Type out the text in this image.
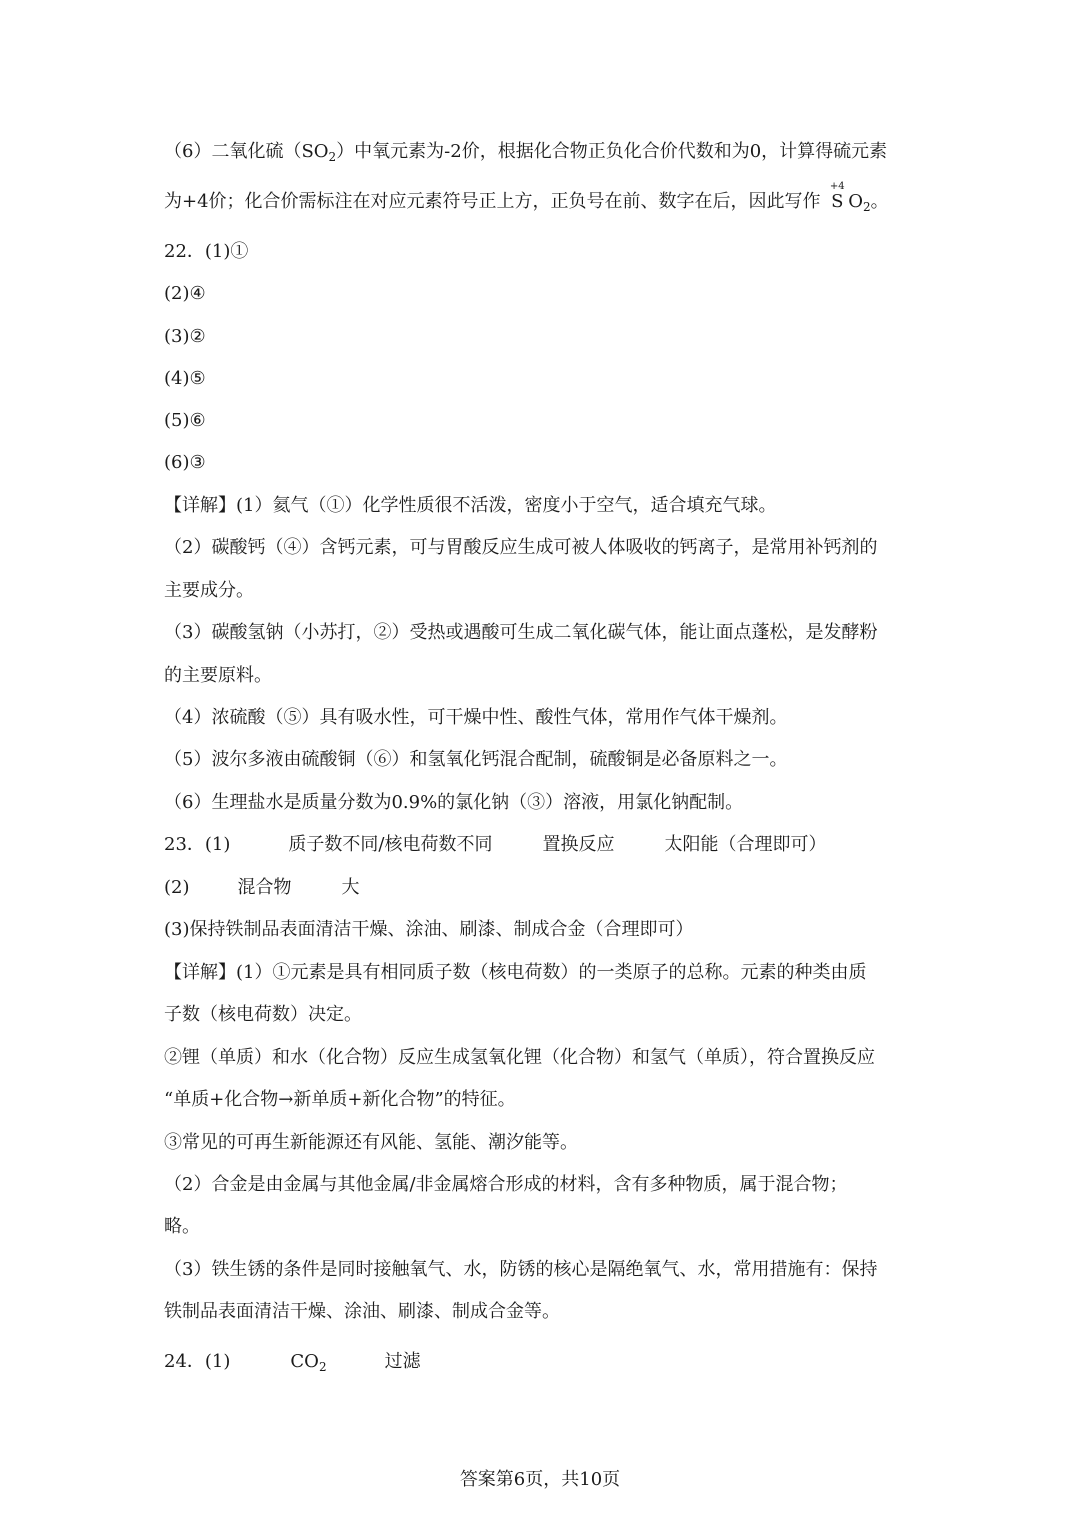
（6）二氧化硫$(SO_2)$中氧元素为-2价，根据化合物正负化合价代数和为0，计算得硫元素
为+4价；化合价需标注在对应元素符号正上方，正负号在前、数字在后，因此写作
+4
S $O_2$。
22．(1)①
(2)④
(3)②
(4)⑤
(5)⑥
(6)③
【详解】(1）氦气（①）化学性质很不活泼，密度小于空气，适合填充气球。
（2）碳酸钙（④）含钙元素，可与胃酸反应生成可被人体吸收的钙离子，是常用补钙剂的
主要成分。
（3）碳酸氢钠（小苏打，②）受热或遇酸可生成二氧化碳气体，能让面点蓬松，是发酵粉
的主要原料。
（4）浓硫酸（⑤）具有吸水性，可干燥中性、酸性气体，常用作气体干燥剂。
（5）波尔多液由硫酸铜（⑥）和氢氧化钙混合配制，硫酸铜是必备原料之一。
（6）生理盐水是质量分数为0.9%的氯化钠（③）溶液，用氯化钠配制。
23．(1)	质子数不同/核电荷数不同	置换反应	太阳能（合理即可）
(2)	混合物	大
(3)保持铁制品表面清洁干燥、涂油、刷漆、制成合金（合理即可）
【详解】(1）①元素是具有相同质子数（核电荷数）的一类原子的总称。元素的种类由质
子数（核电荷数）决定。
②锂（单质）和水（化合物）反应生成氢氧化锂（化合物）和氢气（单质），符合置换反应
“单质+化合物→新单质+新化合物”的特征。
③常见的可再生新能源还有风能、氢能、潮汐能等。
（2）合金是由金属与其他金属/非金属熔合形成的材料，含有多种物质，属于混合物；
略。
（3）铁生锈的条件是同时接触氧气、水，防锈的核心是隔绝氧气、水，常用措施有：保持
铁制品表面清洁干燥、涂油、刷漆、制成合金等。
24．(1)	$CO_2$	过滤
答案第6页，共10页
